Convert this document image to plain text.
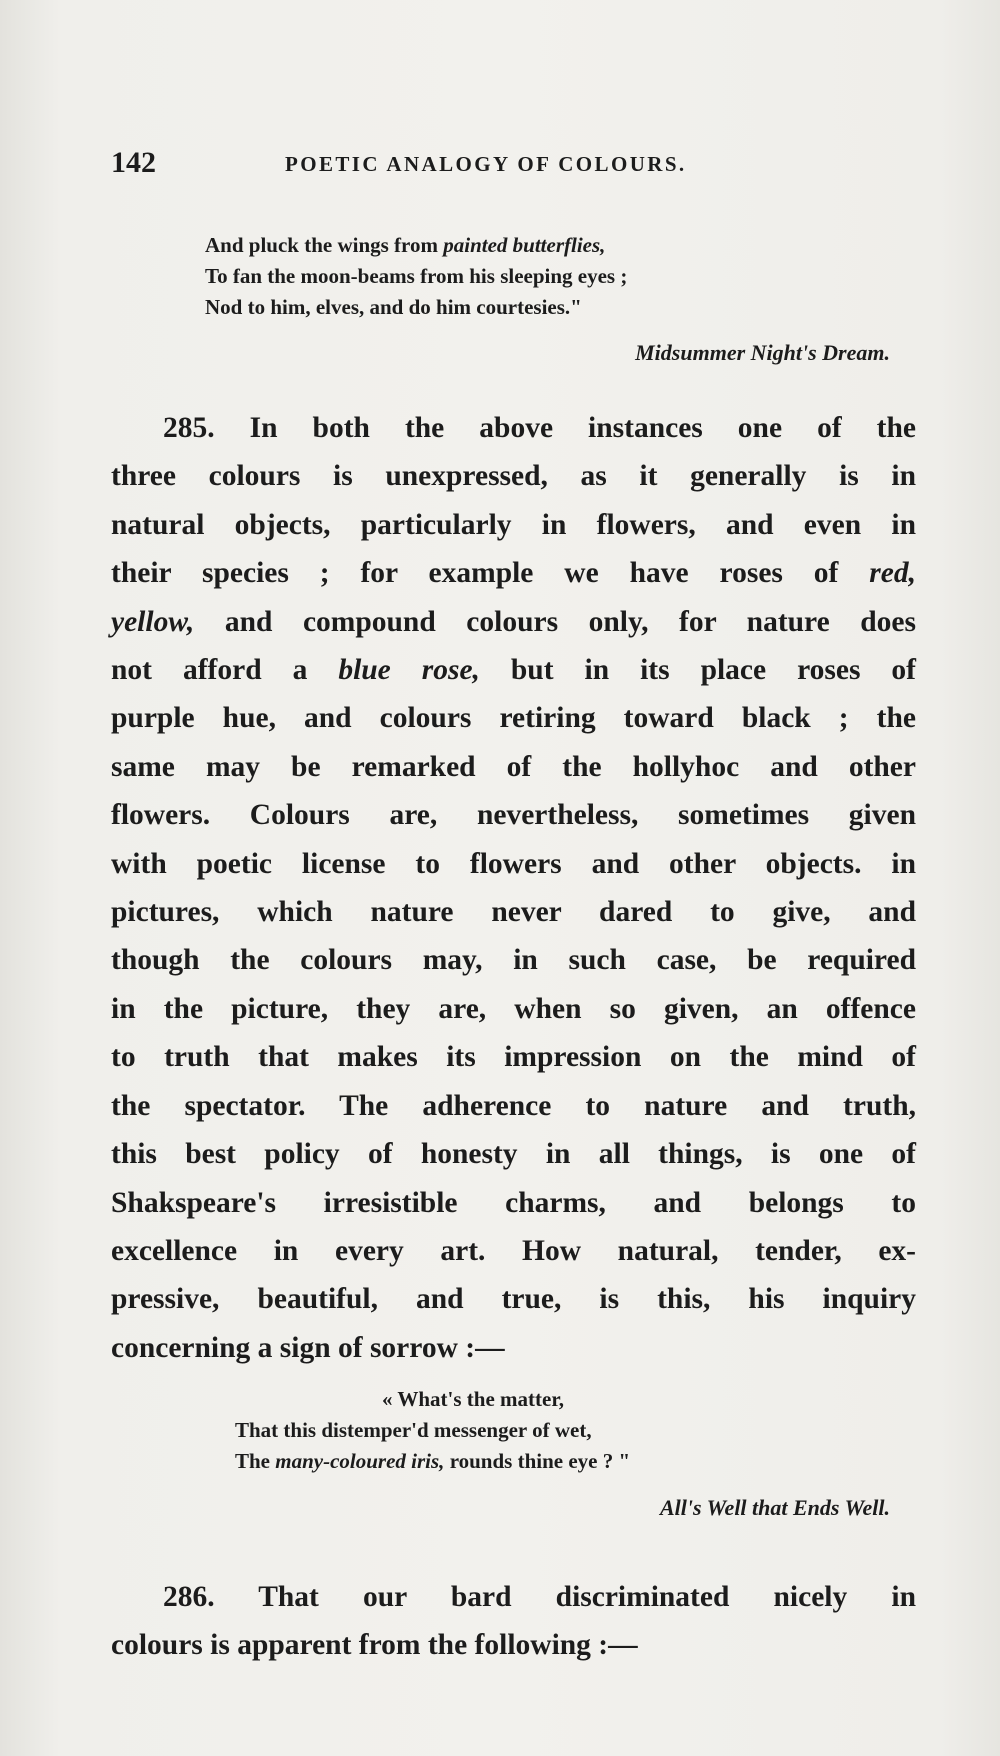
142	POETIC ANALOGY OF COLOURS.
And pluck the wings from painted butterflies,
To fan the moon-beams from his sleeping eyes ;
Nod to him, elves, and do him courtesies."
Midsummer Night's Dream.
285. In both the above instances one of the
three colours is unexpressed, as it generally is in
natural objects, particularly in flowers, and even in
their species ; for example we have roses of red,
yellow, and compound colours only, for nature does
not afford a blue rose, but in its place roses of
purple hue, and colours retiring toward black ; the
same may be remarked of the hollyhoc and other
flowers. Colours are, nevertheless, sometimes given
with poetic license to flowers and other objects. in
pictures, which nature never dared to give, and
though the colours may, in such case, be required
in the picture, they are, when so given, an offence
to truth that makes its impression on the mind of
the spectator. The adherence to nature and truth,
this best policy of honesty in all things, is one of
Shakspeare's irresistible charms, and belongs to
excellence in every art. How natural, tender, ex-
pressive, beautiful, and true, is this, his inquiry
concerning a sign of sorrow :—
« What's the matter,
That this distemper'd messenger of wet,
The many-coloured iris, rounds thine eye ? "
All's Well that Ends Well.
286. That our bard discriminated nicely in
colours is apparent from the following :—
